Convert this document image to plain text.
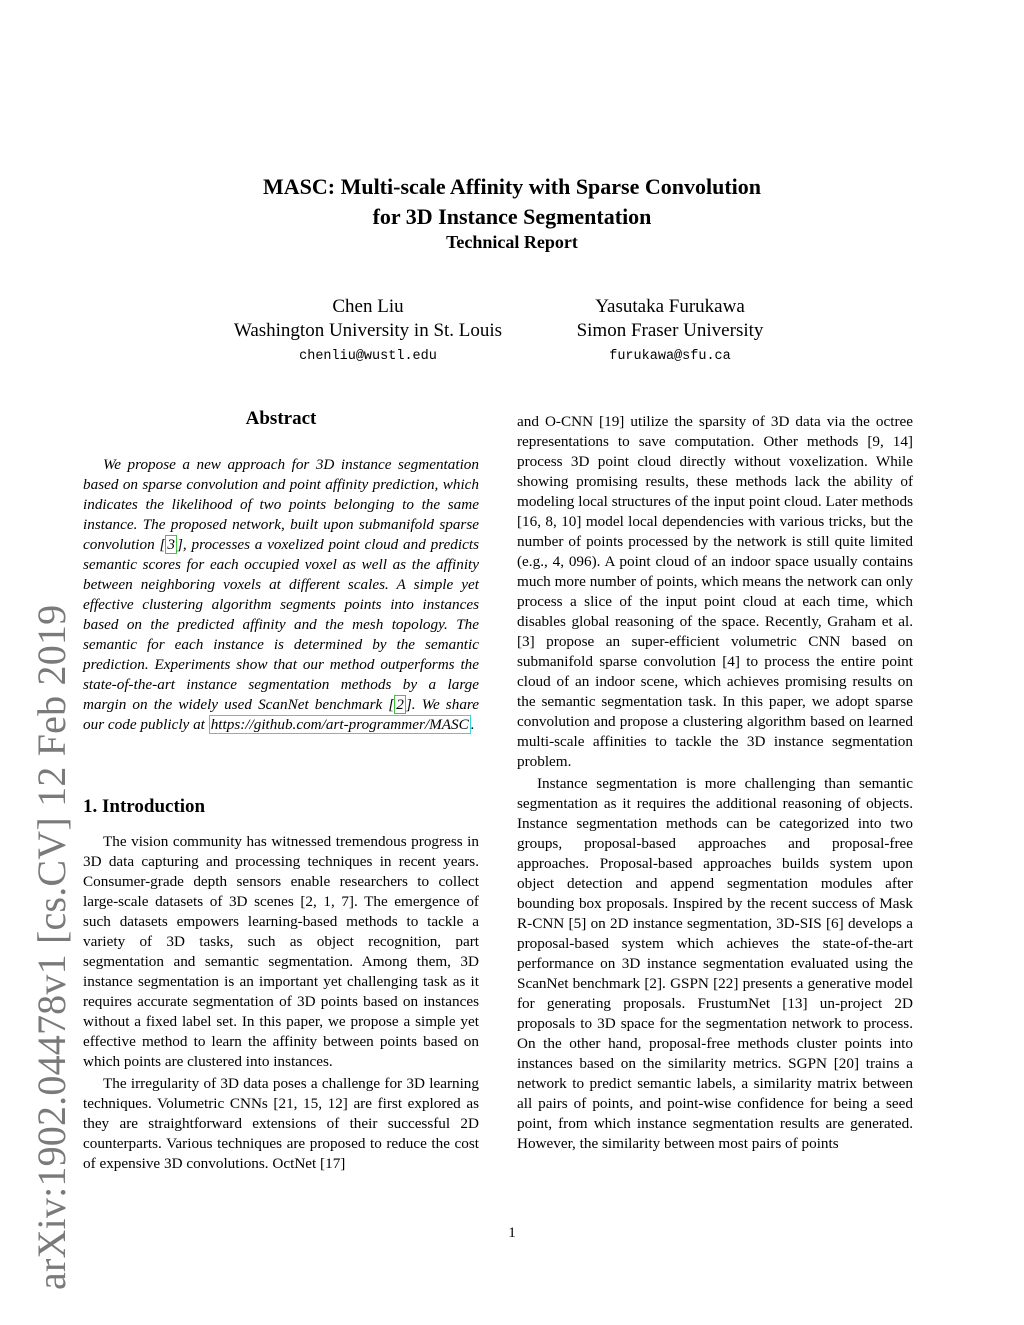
arXiv:1902.04478v1 [cs.CV] 12 Feb 2019
MASC: Multi-scale Affinity with Sparse Convolution
for 3D Instance Segmentation
Technical Report
Chen Liu
Washington University in St. Louis
chenliu@wustl.edu
Yasutaka Furukawa
Simon Fraser University
furukawa@sfu.ca
Abstract

We propose a new approach for 3D instance segmentation based on sparse convolution and point affinity prediction, which indicates the likelihood of two points belonging to the same instance. The proposed network, built upon submanifold sparse convolution [ 3 ], processes a voxelized point cloud and predicts semantic scores for each occupied voxel as well as the affinity between neighboring voxels at different scales. A simple yet effective clustering algorithm segments points into instances based on the predicted affinity and the mesh topology. The semantic for each instance is determined by the semantic prediction. Experiments show that our method outperforms the state-of-the-art instance segmentation methods by a large margin on the widely used ScanNet benchmark [ 2 ]. We share our code publicly at https://github.com/art-programmer/MASC .

1. Introduction

The vision community has witnessed tremendous progress in 3D data capturing and processing techniques in recent years. Consumer-grade depth sensors enable researchers to collect large-scale datasets of 3D scenes [2, 1, 7]. The emergence of such datasets empowers learning-based methods to tackle a variety of 3D tasks, such as object recognition, part segmentation and semantic segmentation. Among them, 3D instance segmentation is an important yet challenging task as it requires accurate segmentation of 3D points based on instances without a fixed label set. In this paper, we propose a simple yet effective method to learn the affinity between points based on which points are clustered into instances.

The irregularity of 3D data poses a challenge for 3D learning techniques. Volumetric CNNs [21, 15, 12] are first explored as they are straightforward extensions of their successful 2D counterparts. Various techniques are proposed to reduce the cost of expensive 3D convolutions. OctNet [17]

and O-CNN [19] utilize the sparsity of 3D data via the octree representations to save computation. Other methods [9, 14] process 3D point cloud directly without voxelization. While showing promising results, these methods lack the ability of modeling local structures of the input point cloud. Later methods [16, 8, 10] model local dependencies with various tricks, but the number of points processed by the network is still quite limited (e.g., 4, 096). A point cloud of an indoor space usually contains much more number of points, which means the network can only process a slice of the input point cloud at each time, which disables global reasoning of the space. Recently, Graham et al. [3] propose an super-efficient volumetric CNN based on submanifold sparse convolution [4] to process the entire point cloud of an indoor scene, which achieves promising results on the semantic segmentation task. In this paper, we adopt sparse convolution and propose a clustering algorithm based on learned multi-scale affinities to tackle the 3D instance segmentation problem.

Instance segmentation is more challenging than semantic segmentation as it requires the additional reasoning of objects. Instance segmentation methods can be categorized into two groups, proposal-based approaches and proposal-free approaches. Proposal-based approaches builds system upon object detection and append segmentation modules after bounding box proposals. Inspired by the recent success of Mask R-CNN [5] on 2D instance segmentation, 3D-SIS [6] develops a proposal-based system which achieves the state-of-the-art performance on 3D instance segmentation evaluated using the ScanNet benchmark [2]. GSPN [22] presents a generative model for generating proposals. FrustumNet [13] un-project 2D proposals to 3D space for the segmentation network to process. On the other hand, proposal-free methods cluster points into instances based on the similarity metrics. SGPN [20] trains a network to predict semantic labels, a similarity matrix between all pairs of points, and point-wise confidence for being a seed point, from which instance segmentation results are generated. However, the similarity between most pairs of points

1
